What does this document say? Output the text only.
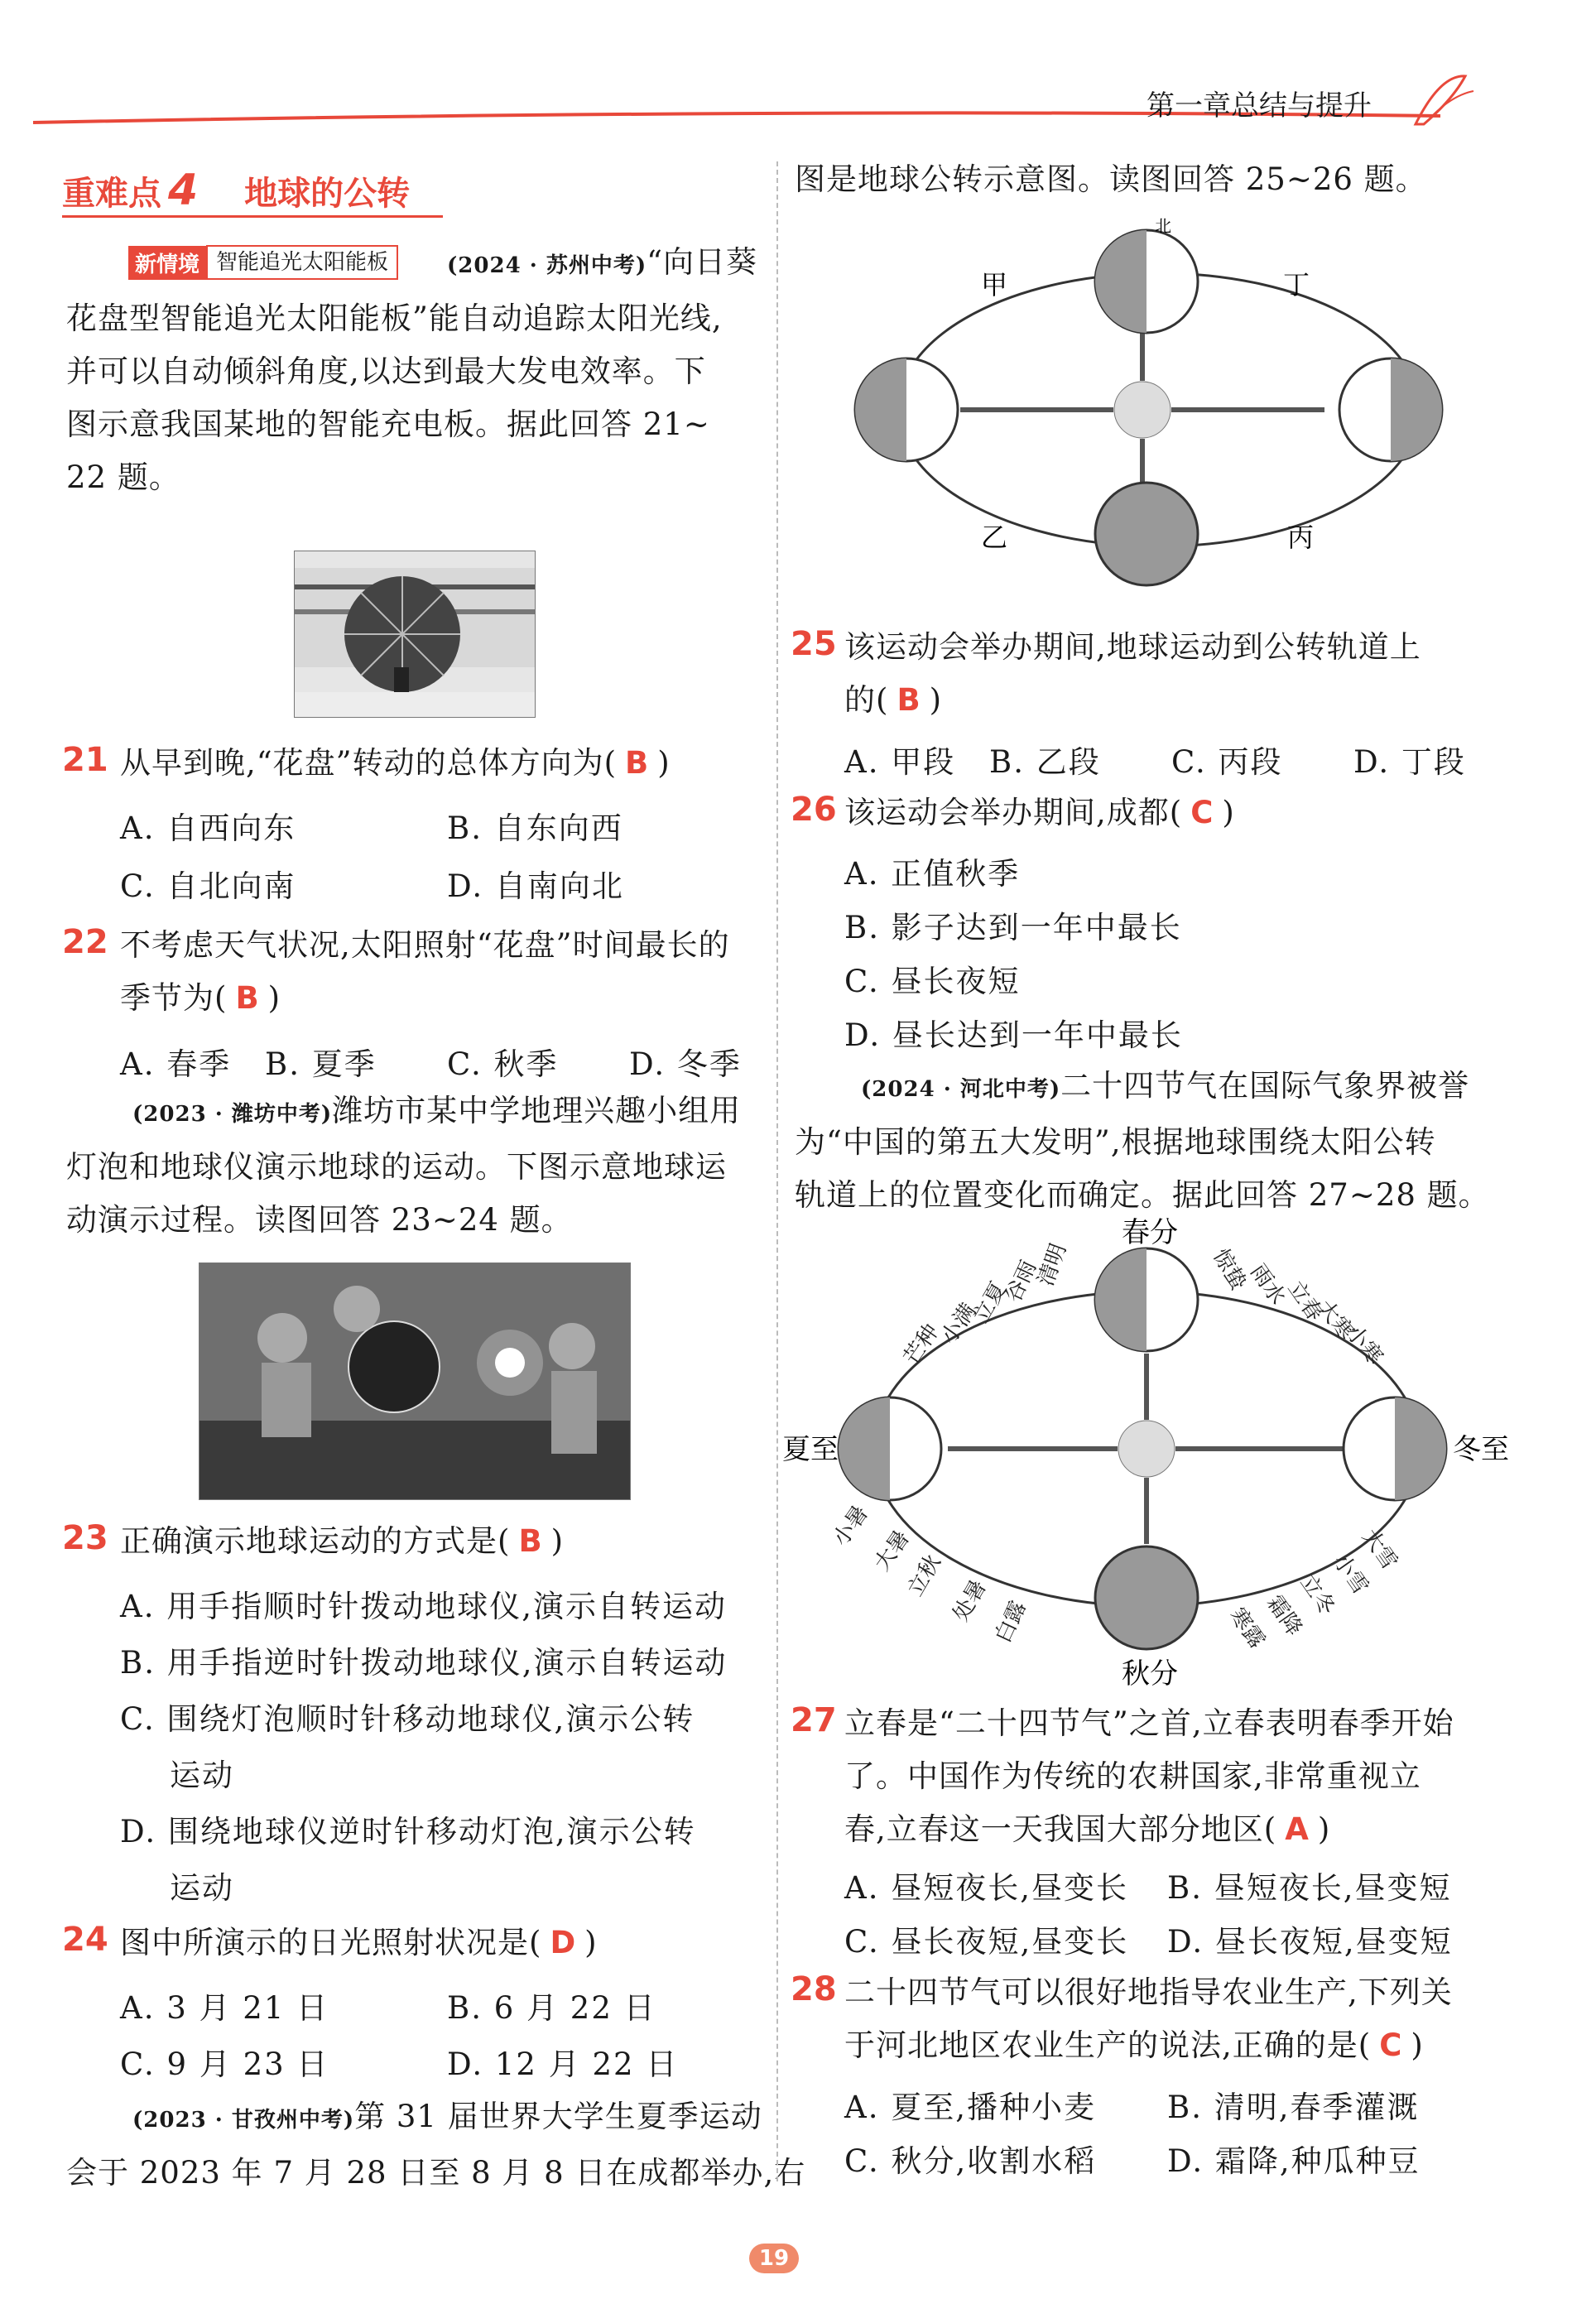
第一章总结与提升
重难点 4 地球的公转
新情境 智能追光太阳能板	(2024 · 苏州中考)“向日葵
花盘型智能追光太阳能板”能自动追踪太阳光线,
并可以自动倾斜角度,以达到最大发电效率。下
图示意我国某地的智能充电板。据此回答 21~
22 题。
21 从早到晚,“花盘”转动的总体方向为( B )
A. 自西向东	B. 自东向西
C. 自北向南	D. 自南向北
22 不考虑天气状况,太阳照射“花盘”时间最长的
季节为( B )
A. 春季 B. 夏季 C. 秋季 D. 冬季
(2023 · 潍坊中考)潍坊市某中学地理兴趣小组用
灯泡和地球仪演示地球的运动。下图示意地球运
动演示过程。读图回答 23~24 题。
23 正确演示地球运动的方式是( B )
A. 用手指顺时针拨动地球仪,演示自转运动
B. 用手指逆时针拨动地球仪,演示自转运动
C. 围绕灯泡顺时针移动地球仪,演示公转
运动
D. 围绕地球仪逆时针移动灯泡,演示公转
运动
24 图中所演示的日光照射状况是( D )
A. 3 月 21 日	B. 6 月 22 日
C. 9 月 23 日	D. 12 月 22 日
(2023 · 甘孜州中考)第 31 届世界大学生夏季运动
会于 2023 年 7 月 28 日至 8 月 8 日在成都举办,右
图是地球公转示意图。读图回答 25~26 题。
甲	丁
乙	丙
北
25 该运动会举办期间,地球运动到公转轨道上
的( B )
A. 甲段 B. 乙段 C. 丙段 D. 丁段
26 该运动会举办期间,成都( C )
A. 正值秋季
B. 影子达到一年中最长
C. 昼长夜短
D. 昼长达到一年中最长
(2024 · 河北中考)二十四节气在国际气象界被誉
为“中国的第五大发明”,根据地球围绕太阳公转
轨道上的位置变化而确定。据此回答 27~28 题。
春分
夏至	冬至
秋分
芒种
小满
立夏
谷雨
清明	惊蛰
雨水
立春
大寒
小寒
小暑
大暑
立秋 处暑
白露
大雪
小雪
立冬
霜降
寒露
27 立春是“二十四节气”之首,立春表明春季开始
了。中国作为传统的农耕国家,非常重视立
春,立春这一天我国大部分地区( A )
A. 昼短夜长,昼变长 B. 昼短夜长,昼变短
C. 昼长夜短,昼变长 D. 昼长夜短,昼变短
28 二十四节气可以很好地指导农业生产,下列关
于河北地区农业生产的说法,正确的是( C )
A. 夏至,播种小麦 B. 清明,春季灌溉
C. 秋分,收割水稻 D. 霜降,种瓜种豆
19
